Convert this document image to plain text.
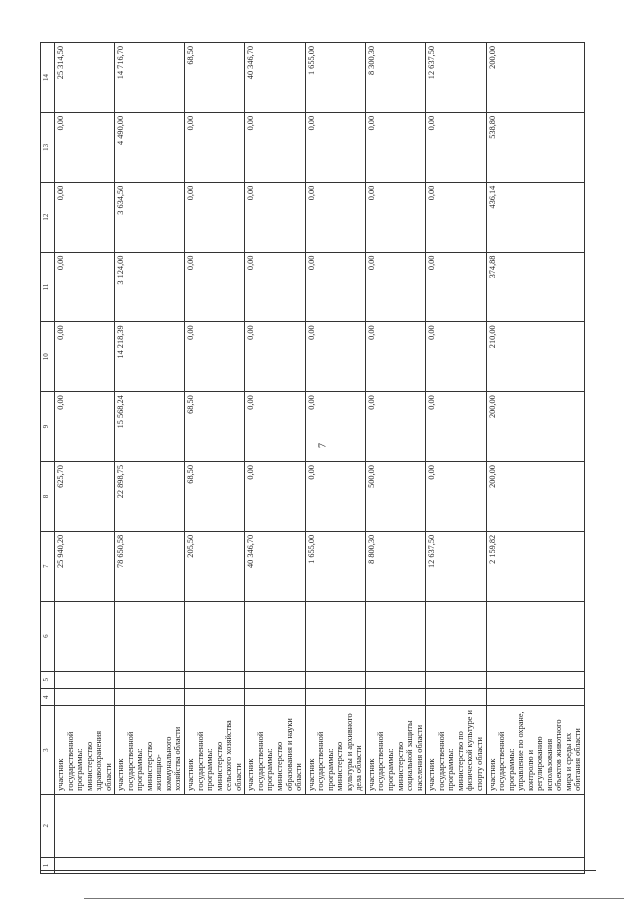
7
1	2	3	4	5	6	7	8	9	10	11	12	13	14
		участник государственной программы: министерство здравоохранения области				25 940,20	625,70	0,00	0,00	0,00	0,00	0,00	25 314,50
		участник государственной программы: министерство жилищно-коммунального хозяйства области				78 650,58	22 898,75	15 568,24	14 218,39	3 124,00	3 634,50	4 490,00	14 716,70
		участник государственной программы: министерство сельского хозяйства области				205,50	68,50	68,50	0,00	0,00	0,00	0,00	68,50
		участник государственной программы: министерство образования и науки области				40 346,70	0,00	0,00	0,00	0,00	0,00	0,00	40 346,70
		участник государственной программы: министерство культуры и архивного дела области				1 655,00	0,00	0,00	0,00	0,00	0,00	0,00	1 655,00
		участник государственной программы: министерство социальной защиты населения области				8 800,30	500,00	0,00	0,00	0,00	0,00	0,00	8 300,30
		участник государственной программы: министерство по физической культуре и спорту области				12 637,50	0,00	0,00	0,00	0,00	0,00	0,00	12 637,50
		участник государственной программы: управление по охране, контролю и регулированию использования объектов животного мира и среды их обитания области				2 159,82	200,00	200,00	210,00	374,88	436,14	538,80	200,00
